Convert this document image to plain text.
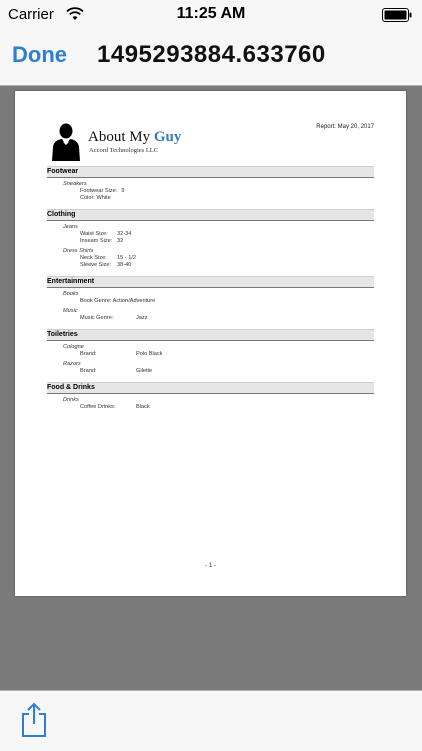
Carrier	11:25 AM
Done 1495293884.633760
About My Guy
Accord Technologies LLC
Report: May 20, 2017
Footwear
Sneakers
Footwear Size: 9
Color: White
Clothing
Jeans
Waist Size:	32-34
Inseam Size: 32
Dress Shirts
Neck Size:	15 - 1/2
Sleeve Size:	38-40
Entertainment
Books
Book Genre: Action/Adventure
Music
Music Genre:	Jazz
Toiletries
Cologne
Brand:	Polo Black
Razors
Brand:	Gilette
Food & Drinks
Drinks
Coffee Drinks:	Black
- 1 -
